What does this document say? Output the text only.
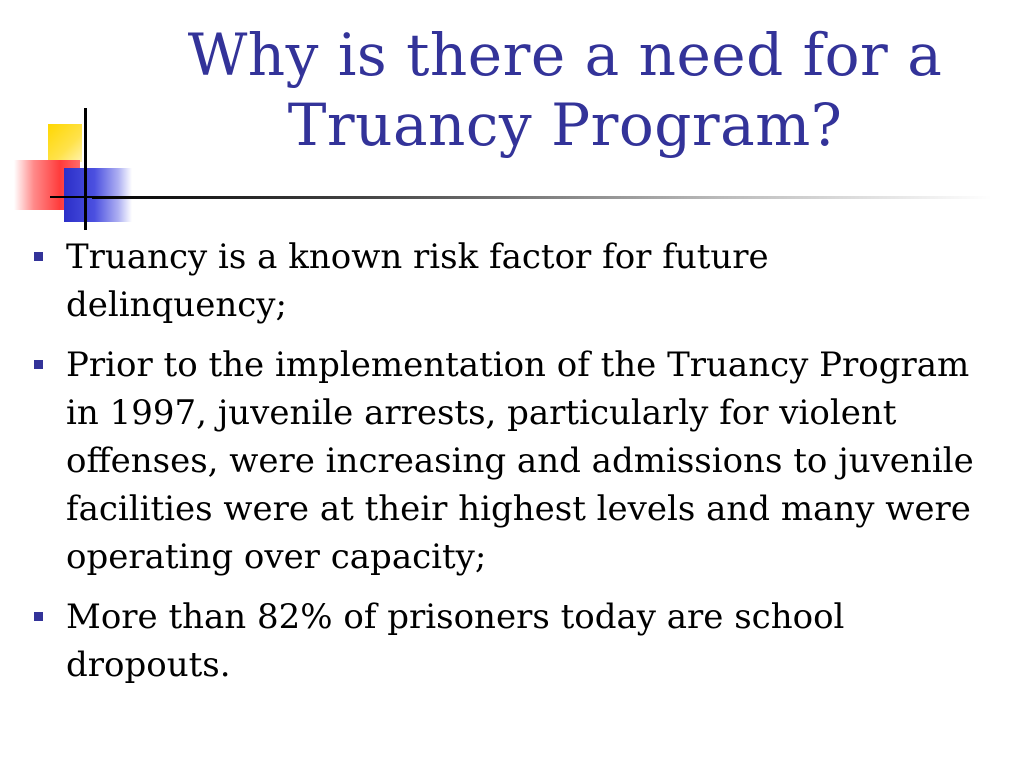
Why is there a need for a Truancy Program?
Truancy is a known risk factor for future delinquency;
Prior to the implementation of the Truancy Program in 1997, juvenile arrests, particularly for violent offenses, were increasing and admissions to juvenile facilities were at their highest levels and many were operating over capacity;
More than 82% of prisoners today are school dropouts.
